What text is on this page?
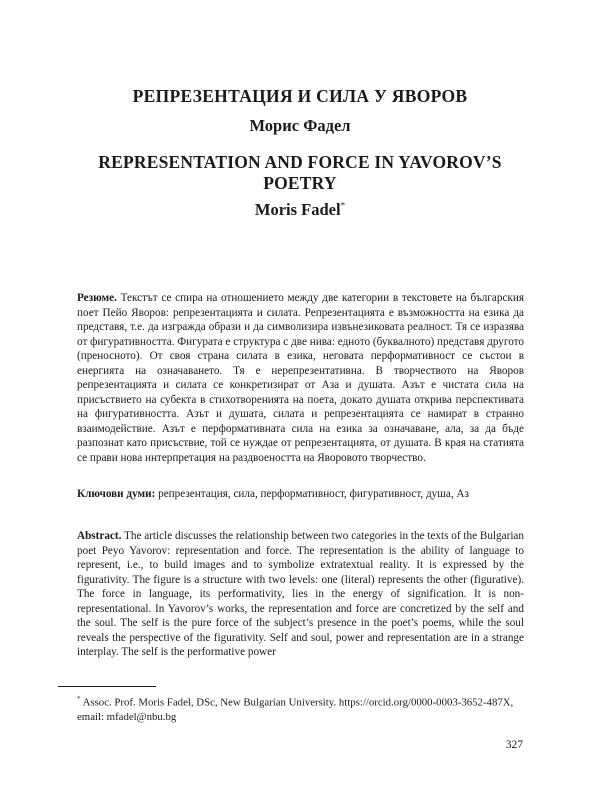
РЕПРЕЗЕНТАЦИЯ И СИЛА У ЯВОРОВ
Морис Фадел
REPRESENTATION AND FORCE IN YAVOROV’S POETRY
Moris Fadel*

Резюме. Текстът се спира на отношението между две категории в текстовете на българския поет Пейо Яворов: репрезентацията и силата. Репрезентацията е възможността на езика да представя, т.е. да изгражда образи и да символизира извънезиковата реалност. Тя се изразява от фигуративността. Фигурата е структура с две нива: едното (буквалното) представя другото (преносното). От своя страна силата в езика, неговата перформативност се състои в енергията на означаването. Тя е нерепрезентативна. В творчеството на Яворов репрезентацията и силата се конкретизират от Аза и душата. Азът е чистата сила на присъствието на субекта в стихотворенията на поета, докато душата открива перспективата на фигуративността. Азът и душата, силата и репрезентацията се намират в странно взаимодействие. Азът е перформативната сила на езика за означаване, ала, за да бъде разпознат като присъствие, той се нуждае от репрезентацията, от душата. В края на статията се прави нова интерпретация на раздвоеността на Яворовото творчество.

Ключови думи: репрезентация, сила, перформативност, фигуративност, душа, Аз

Abstract. The article discusses the relationship between two categories in the texts of the Bulgarian poet Peyo Yavorov: representation and force. The representation is the ability of language to represent, i.e., to build images and to symbolize extratextual reality. It is expressed by the figurativity. The figure is a structure with two levels: one (literal) represents the other (figurative). The force in language, its performativity, lies in the energy of signification. It is non-representational. In Yavorov’s works, the representation and force are concretized by the self and the soul. The self is the pure force of the subject’s presence in the poet’s poems, while the soul reveals the perspective of the figurativity. Self and soul, power and representation are in a strange interplay. The self is the performative power

* Assoc. Prof. Moris Fadel, DSc, New Bulgarian University. https://orcid.org/0000-0003-3652-487X, email: mfadel@nbu.bg

327
